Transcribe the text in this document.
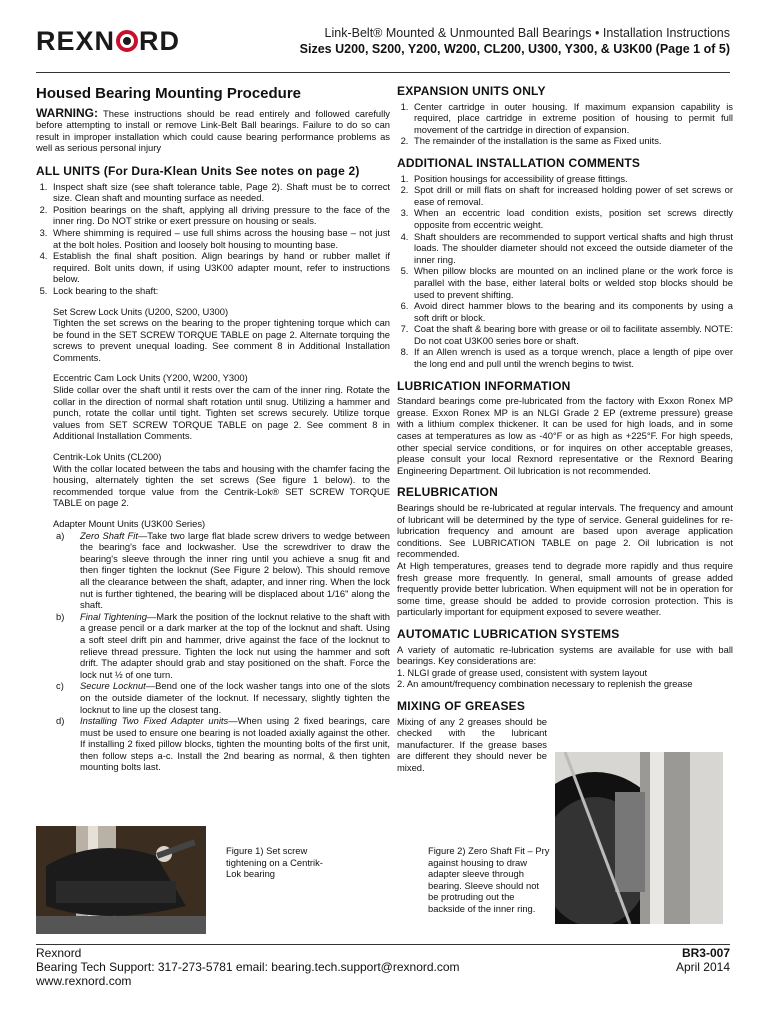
REXN RD	Link-Belt® Mounted & Unmounted Ball Bearings • Installation Instructions
Sizes U200, S200, Y200, W200, CL200, U300, Y300, & U3K00 (Page 1 of 5)
Housed Bearing Mounting Procedure

WARNING: These instructions should be read entirely and followed carefully before attempting to install or remove Link-Belt Ball bearings. Failure to do so can result in improper installation which could cause bearing performance problems as well as serious personal injury

ALL UNITS (For Dura-Klean Units See notes on page 2)
1. Inspect shaft size (see shaft tolerance table, Page 2). Shaft must be to correct size. Clean shaft and mounting surface as needed.
2. Position bearings on the shaft, applying all driving pressure to the face of the inner ring. Do NOT strike or exert pressure on housing or seals.
3. Where shimming is required – use full shims across the housing base – not just at the bolt holes. Position and loosely bolt housing to mounting base.
4. Establish the final shaft position. Align bearings by hand or rubber mallet if required. Bolt units down, if using U3K00 adapter mount, refer to instructions below.
5. Lock bearing to the shaft:

Set Screw Lock Units (U200, S200, U300)

Tighten the set screws on the bearing to the proper tightening torque which can be found in the SET SCREW TORQUE TABLE on page 2. Alternate torquing the screws to prevent unequal loading. See comment 8 in Additional Installation Comments.

Eccentric Cam Lock Units (Y200, W200, Y300)

Slide collar over the shaft until it rests over the cam of the inner ring. Rotate the collar in the direction of normal shaft rotation until snug. Utilizing a hammer and punch, rotate the collar until tight. Tighten set screws securely. Utilize torque values from SET SCREW TORQUE TABLE on page 2. See comment 8 in Additional Installation Comments.

Centrik-Lok Units (CL200)

With the collar located between the tabs and housing with the chamfer facing the housing, alternately tighten the set screws (See figure 1 below). to the recommended torque value from the Centrik-Lok® SET SCREW TORQUE TABLE on page 2.

Adapter Mount Units (U3K00 Series)

a)	Zero Shaft Fit—Take two large flat blade screw drivers to wedge between the bearing's face and lockwasher. Use the screwdriver to draw the bearing's sleeve through the inner ring until you achieve a snug fit and then finger tighten the locknut (See Figure 2 below). This should remove all the clearance between the shaft, adapter, and inner ring. When the lock nut is further tightened, the bearing will be displaced about 1/16" along the shaft.
b)	Final Tightening—Mark the position of the locknut relative to the shaft with a grease pencil or a dark marker at the top of the locknut and shaft. Using a soft steel drift pin and hammer, drive against the face of the locknut to relieve thread pressure. Tighten the lock nut using the hammer and soft drift. The adapter should grab and stay positioned on the shaft. Force the lock nut ½ of one turn.
c)	Secure Locknut—Bend one of the lock washer tangs into one of the slots on the outside diameter of the locknut. If necessary, slightly tighten the locknut to line up the closest tang.
d)	Installing Two Fixed Adapter units—When using 2 fixed bearings, care must be used to ensure one bearing is not loaded axially against the other. If installing 2 fixed pillow blocks, tighten the mounting bolts of the first unit, then follow steps a-c. Install the 2nd bearing as normal, & then tighten mounting bolts last.
EXPANSION UNITS ONLY
1. Center cartridge in outer housing. If maximum expansion capability is required, place cartridge in extreme position of housing to permit full movement of the cartridge in direction of expansion.
2. The remainder of the installation is the same as Fixed units.
ADDITIONAL INSTALLATION COMMENTS
1. Position housings for accessibility of grease fittings.
2. Spot drill or mill flats on shaft for increased holding power of set screws or ease of removal.
3. When an eccentric load condition exists, position set screws directly opposite from eccentric weight.
4. Shaft shoulders are recommended to support vertical shafts and high thrust loads. The shoulder diameter should not exceed the outside diameter of the inner ring.
5. When pillow blocks are mounted on an inclined plane or the work force is parallel with the base, either lateral bolts or welded stop blocks should be used to prevent shifting.
6. Avoid direct hammer blows to the bearing and its components by using a soft drift or block.
7. Coat the shaft & bearing bore with grease or oil to facilitate assembly. NOTE: Do not coat U3K00 series bore or shaft.
8. If an Allen wrench is used as a torque wrench, place a length of pipe over the long end and pull until the wrench begins to twist.
LUBRICATION INFORMATION

Standard bearings come pre-lubricated from the factory with Exxon Ronex MP grease. Exxon Ronex MP is an NLGI Grade 2 EP (extreme pressure) grease with a lithium complex thickener. It can be used for high loads, and in some cases at temperatures as low as -40°F or as high as +225°F. For high speeds, other special service conditions, or for inquires on other acceptable greases, please consult your local Rexnord representative or the Rexnord Bearing Engineering Department. Oil lubrication is not recommended.

RELUBRICATION

Bearings should be re-lubricated at regular intervals. The frequency and amount of lubricant will be determined by the type of service. General guidelines for re-lubrication frequency and amount are based upon average application conditions. See LUBRICATION TABLE on page 2. Oil lubrication is not recommended.

At High temperatures, greases tend to degrade more rapidly and thus require fresh grease more frequently. In general, small amounts of grease added frequently provide better lubrication. When equipment will not be in operation for some time, grease should be added to provide corrosion protection. This is particularly important for equipment exposed to severe weather.

AUTOMATIC LUBRICATION SYSTEMS

A variety of automatic re-lubrication systems are available for use with ball bearings. Key considerations are:

1. NLGI grade of grease used, consistent with system layout

2. An amount/frequency combination necessary to replenish the grease

MIXING OF GREASES

Mixing of any 2 greases should be checked with the lubricant manufacturer. If the grease bases are different they should never be mixed.

Figure 1) Set screw tightening on a Centrik-Lok bearing
Figure 2) Zero Shaft Fit – Pry against housing to draw adapter sleeve through bearing. Sleeve should not be protruding out the backside of the inner ring.
Rexnord
Bearing Tech Support: 317-273-5781 email: bearing.tech.support@rexnord.com
www.rexnord.com
BR3-007
April 2014
